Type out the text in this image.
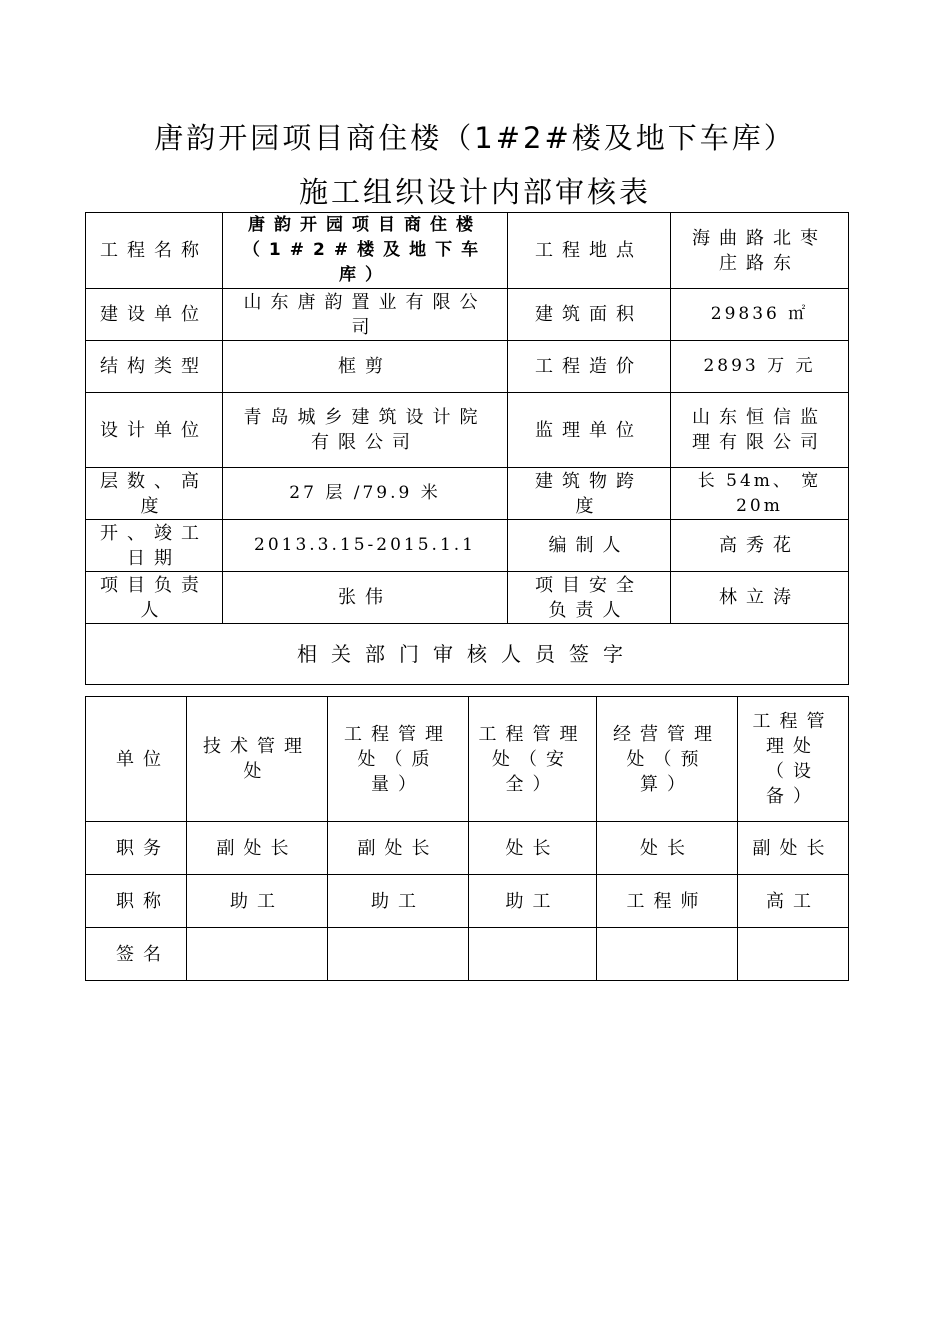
唐韵开园项目商住楼（1#2#楼及地下车库）
施工组织设计内部审核表
工程名称	唐韵开园项目商住楼（1#2#楼及地下车库）	工程地点	海曲路北枣庄路东
建设单位	山东唐韵置业有限公司	建筑面积	29836 ㎡
结构类型	框剪	工程造价	2893 万 元
设计单位	青岛城乡建筑设计院有限公司	监理单位	山东恒信监理有限公司
层数、高度	27 层 /79.9 米	建筑物跨度	长 54m、 宽 20m
开、竣工日期	2013.3.15-2015.1.1	编制人	高秀花
项目负责人	张伟	项目安全负责人	林立涛
相关部门审核人员签字			
单位	技术管理处	工程管理处（质量）	工程管理处（安全）	经营管理处（预算）	工程管理处（设备）
职务	副处长	副处长	处长	处长	副处长
职称	助工	助工	助工	工程师	高工
签名					
